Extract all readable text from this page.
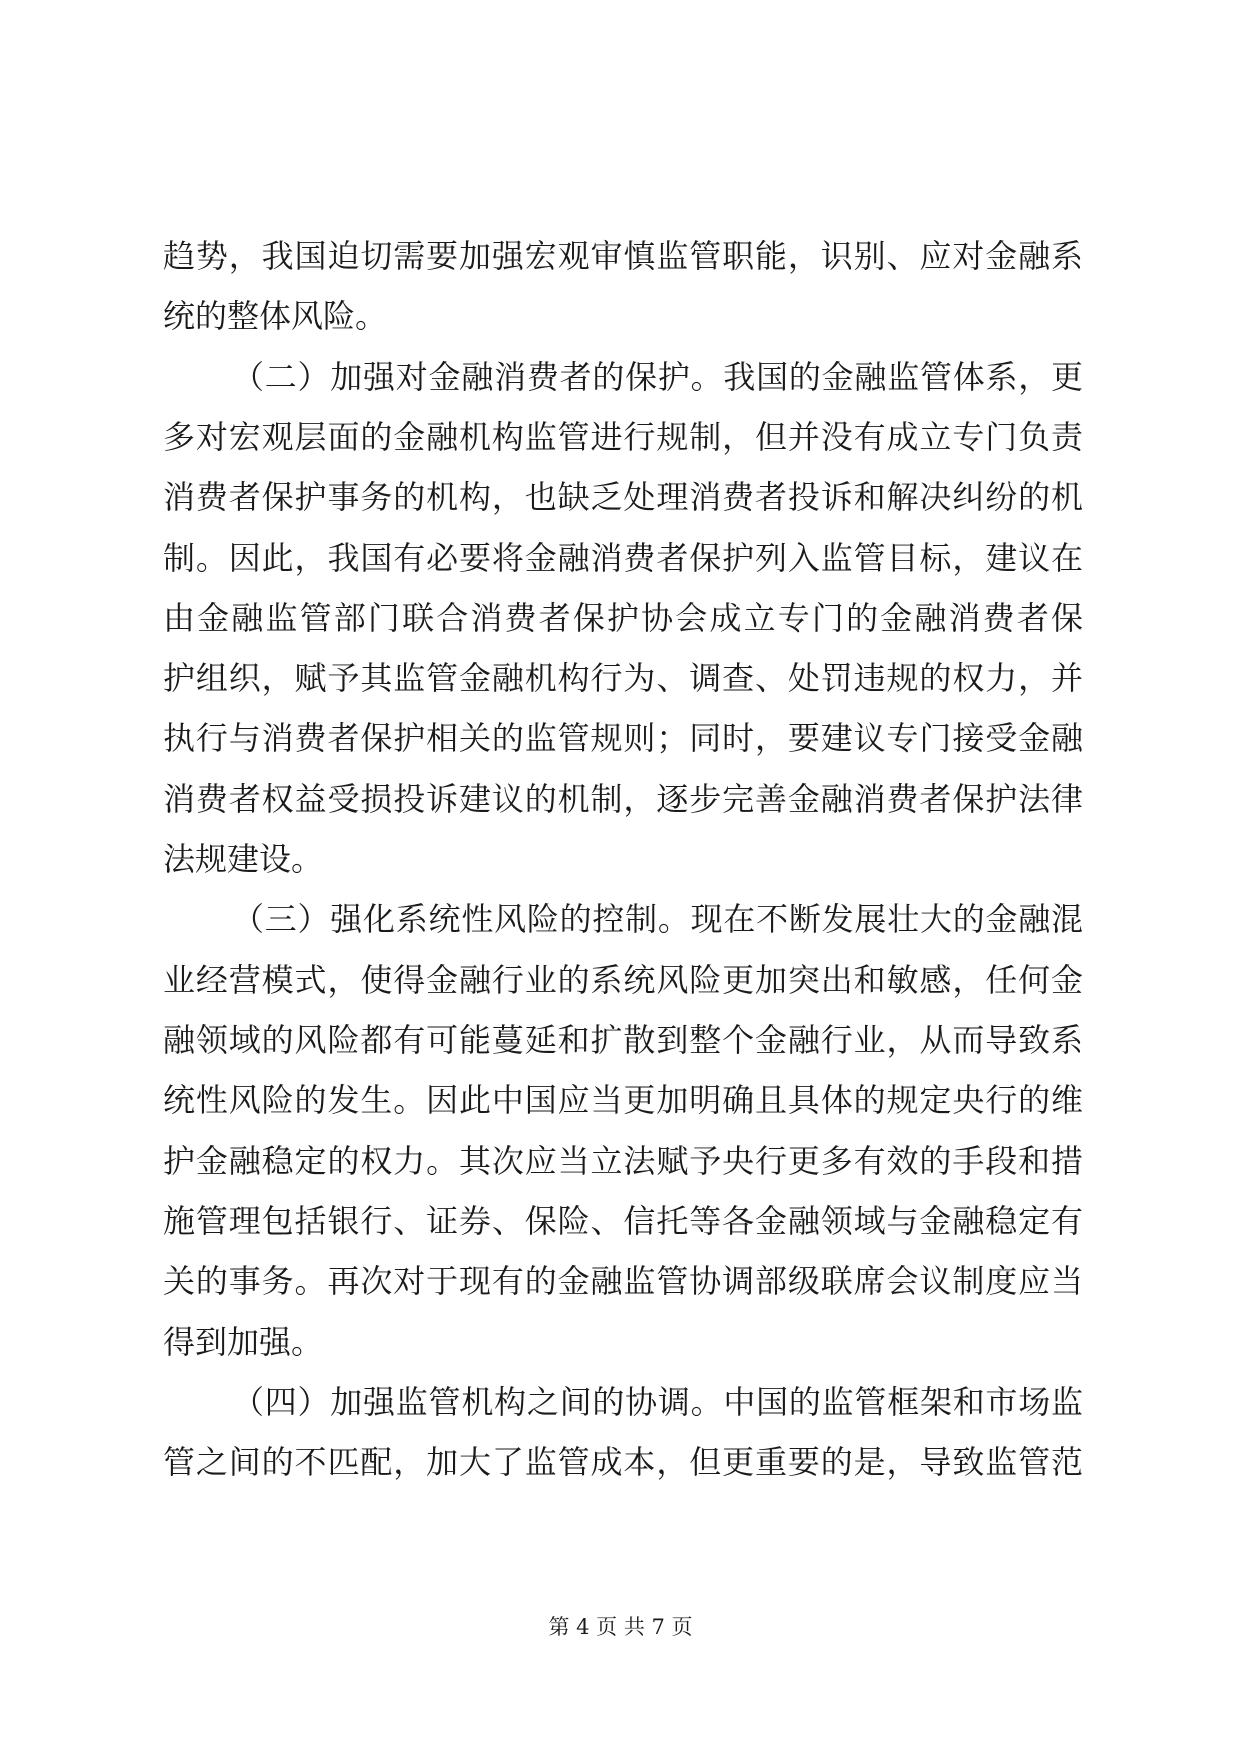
趋势，我国迫切需要加强宏观审慎监管职能，识别、应对金融系
统的整体风险。
（二）加强对金融消费者的保护。我国的金融监管体系，更
多对宏观层面的金融机构监管进行规制，但并没有成立专门负责
消费者保护事务的机构，也缺乏处理消费者投诉和解决纠纷的机
制。因此，我国有必要将金融消费者保护列入监管目标，建议在
由金融监管部门联合消费者保护协会成立专门的金融消费者保
护组织，赋予其监管金融机构行为、调查、处罚违规的权力，并
执行与消费者保护相关的监管规则；同时，要建议专门接受金融
消费者权益受损投诉建议的机制，逐步完善金融消费者保护法律
法规建设。
（三）强化系统性风险的控制。现在不断发展壮大的金融混
业经营模式，使得金融行业的系统风险更加突出和敏感，任何金
融领域的风险都有可能蔓延和扩散到整个金融行业，从而导致系
统性风险的发生。因此中国应当更加明确且具体的规定央行的维
护金融稳定的权力。其次应当立法赋予央行更多有效的手段和措
施管理包括银行、证券、保险、信托等各金融领域与金融稳定有
关的事务。再次对于现有的金融监管协调部级联席会议制度应当
得到加强。
（四）加强监管机构之间的协调。中国的监管框架和市场监
管之间的不匹配，加大了监管成本，但更重要的是，导致监管范
第 4 页 共 7 页
